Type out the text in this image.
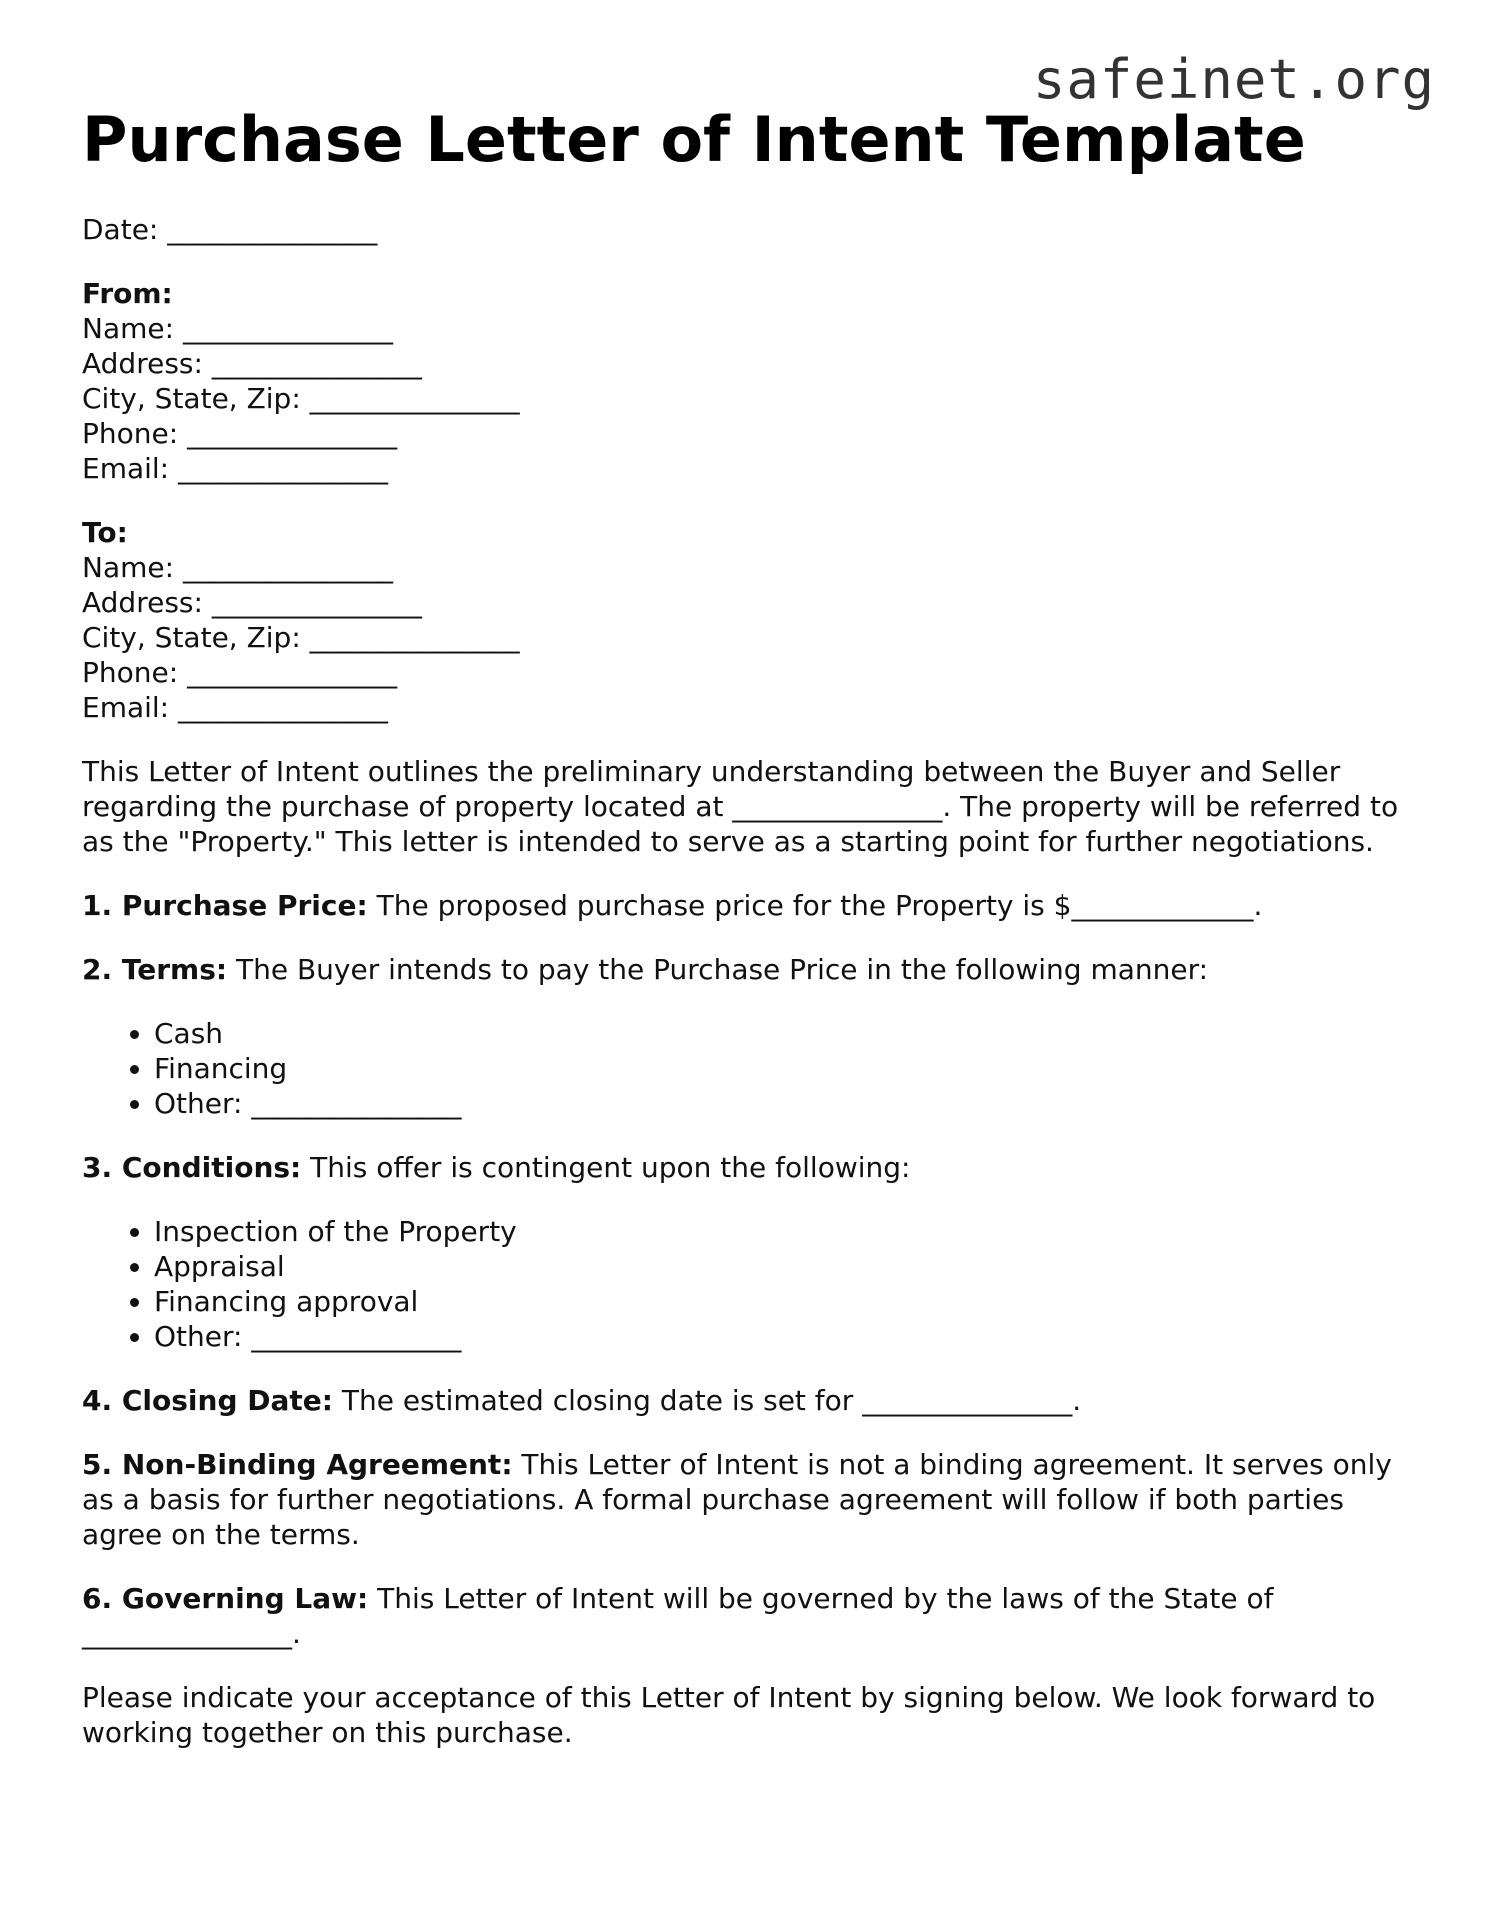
safeinet.org
Purchase Letter of Intent Template

Date: _______________

From:
Name: _______________
Address: _______________
City, State, Zip: _______________
Phone: _______________
Email: _______________
To:
Name: _______________
Address: _______________
City, State, Zip: _______________
Phone: _______________
Email: _______________

This Letter of Intent outlines the preliminary understanding between the Buyer and Seller regarding the purchase of property located at _______________. The property will be referred to as the "Property." This letter is intended to serve as a starting point for further negotiations.

1. Purchase Price: The proposed purchase price for the Property is $_____________.

2. Terms: The Buyer intends to pay the Purchase Price in the following manner:

• Cash
• Financing
• Other: _______________

3. Conditions: This offer is contingent upon the following:

• Inspection of the Property
• Appraisal
• Financing approval
• Other: _______________

4. Closing Date: The estimated closing date is set for _______________.

5. Non-Binding Agreement: This Letter of Intent is not a binding agreement. It serves only as a basis for further negotiations. A formal purchase agreement will follow if both parties agree on the terms.

6. Governing Law: This Letter of Intent will be governed by the laws of the State of _______________.

Please indicate your acceptance of this Letter of Intent by signing below. We look forward to working together on this purchase.
